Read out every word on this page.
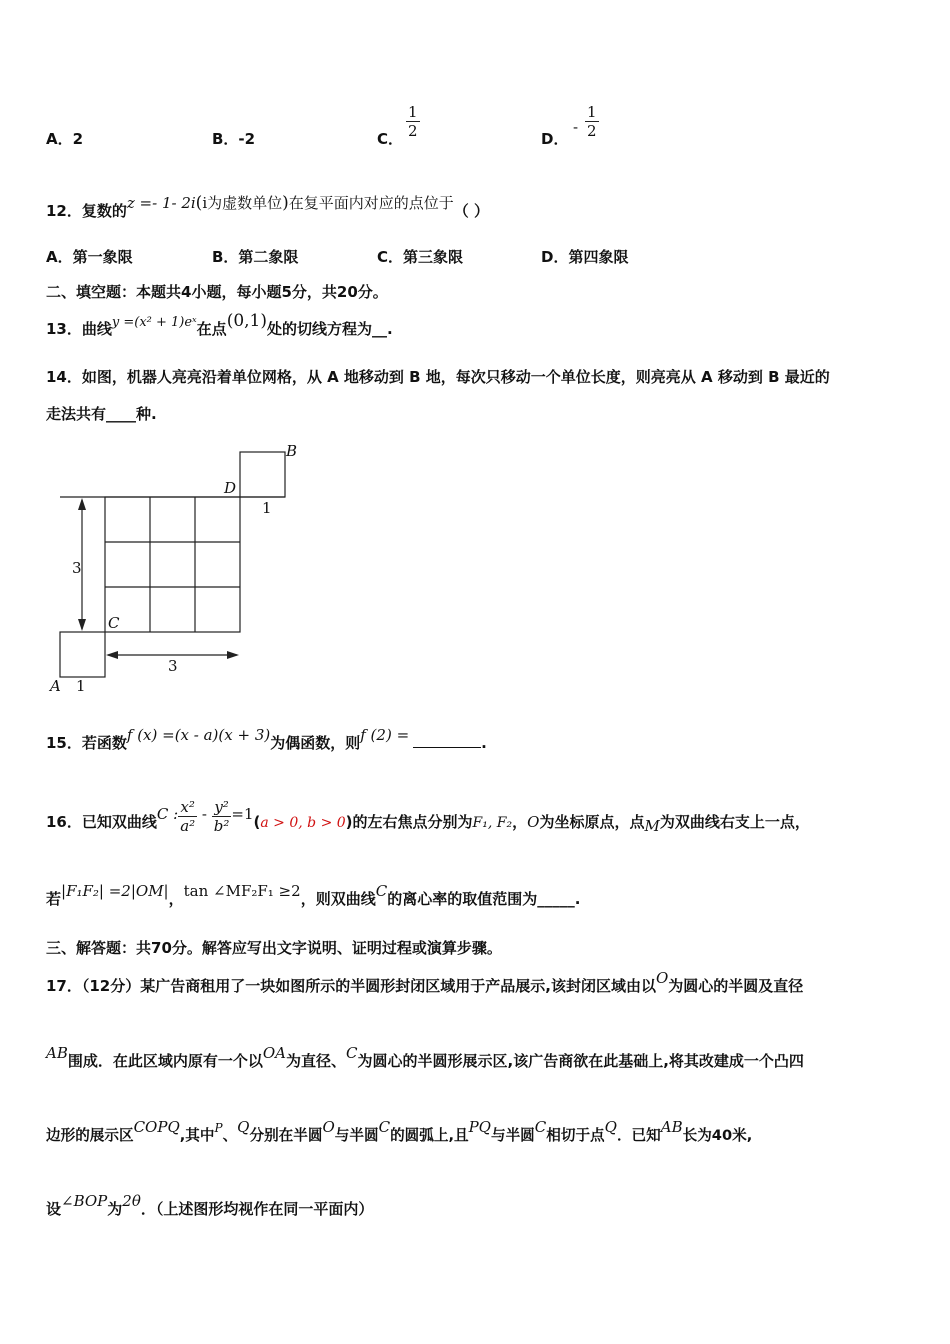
A．2	B．-2	C． $\frac{1}{2}$	D．
- $\frac{1}{2}$
12．复数的z =- 1- 2i(i为虚数单位)在复平面内对应的点位于（ ）
A．第一象限	B．第二象限	C．第三象限	D．第四象限
二、填空题：本题共4小题，每小题5分，共20分。
13．曲线y =(x² + 1)eˣ在点(0,1)处的切线方程为__.
14．如图，机器人亮亮沿着单位网格，从 A 地移动到 B 地，每次只移动一个单位长度，则亮亮从 A 移动到 B 最近的
走法共有____种.
B
D
1
3
C
3
A 1
15．若函数f (x) =(x - a)(x + 3)为偶函数，则f (2) =	.
16．已知双曲线C : $\frac{\text{x²}}{\text{a²}} - \frac{\text{y²}}{\text{b²}} =1(a > 0$, b > 0)的左右焦点分别为F₁, F₂，O为坐标原点，点M为双曲线右支上一点，
若|F₁F₂| =2|OM|，tan ∠MF₂F₁ ≥2，则双曲线C的离心率的取值范围为_____.
三、解答题：共70分。解答应写出文字说明、证明过程或演算步骤。
17．（12分）某广告商租用了一块如图所示的半圆形封闭区域用于产品展示,该封闭区域由以O为圆心的半圆及直径
AB围成．在此区域内原有一个以OA为直径、C为圆心的半圆形展示区,该广告商欲在此基础上,将其改建成一个凸四
边形的展示区COPQ,其中$^P$、Q分别在半圆O与半圆C的圆弧上,且PQ与半圆C相切于点Q．已知AB长为40米,
设∠BOP为2θ．（上述图形均视作在同一平面内）
